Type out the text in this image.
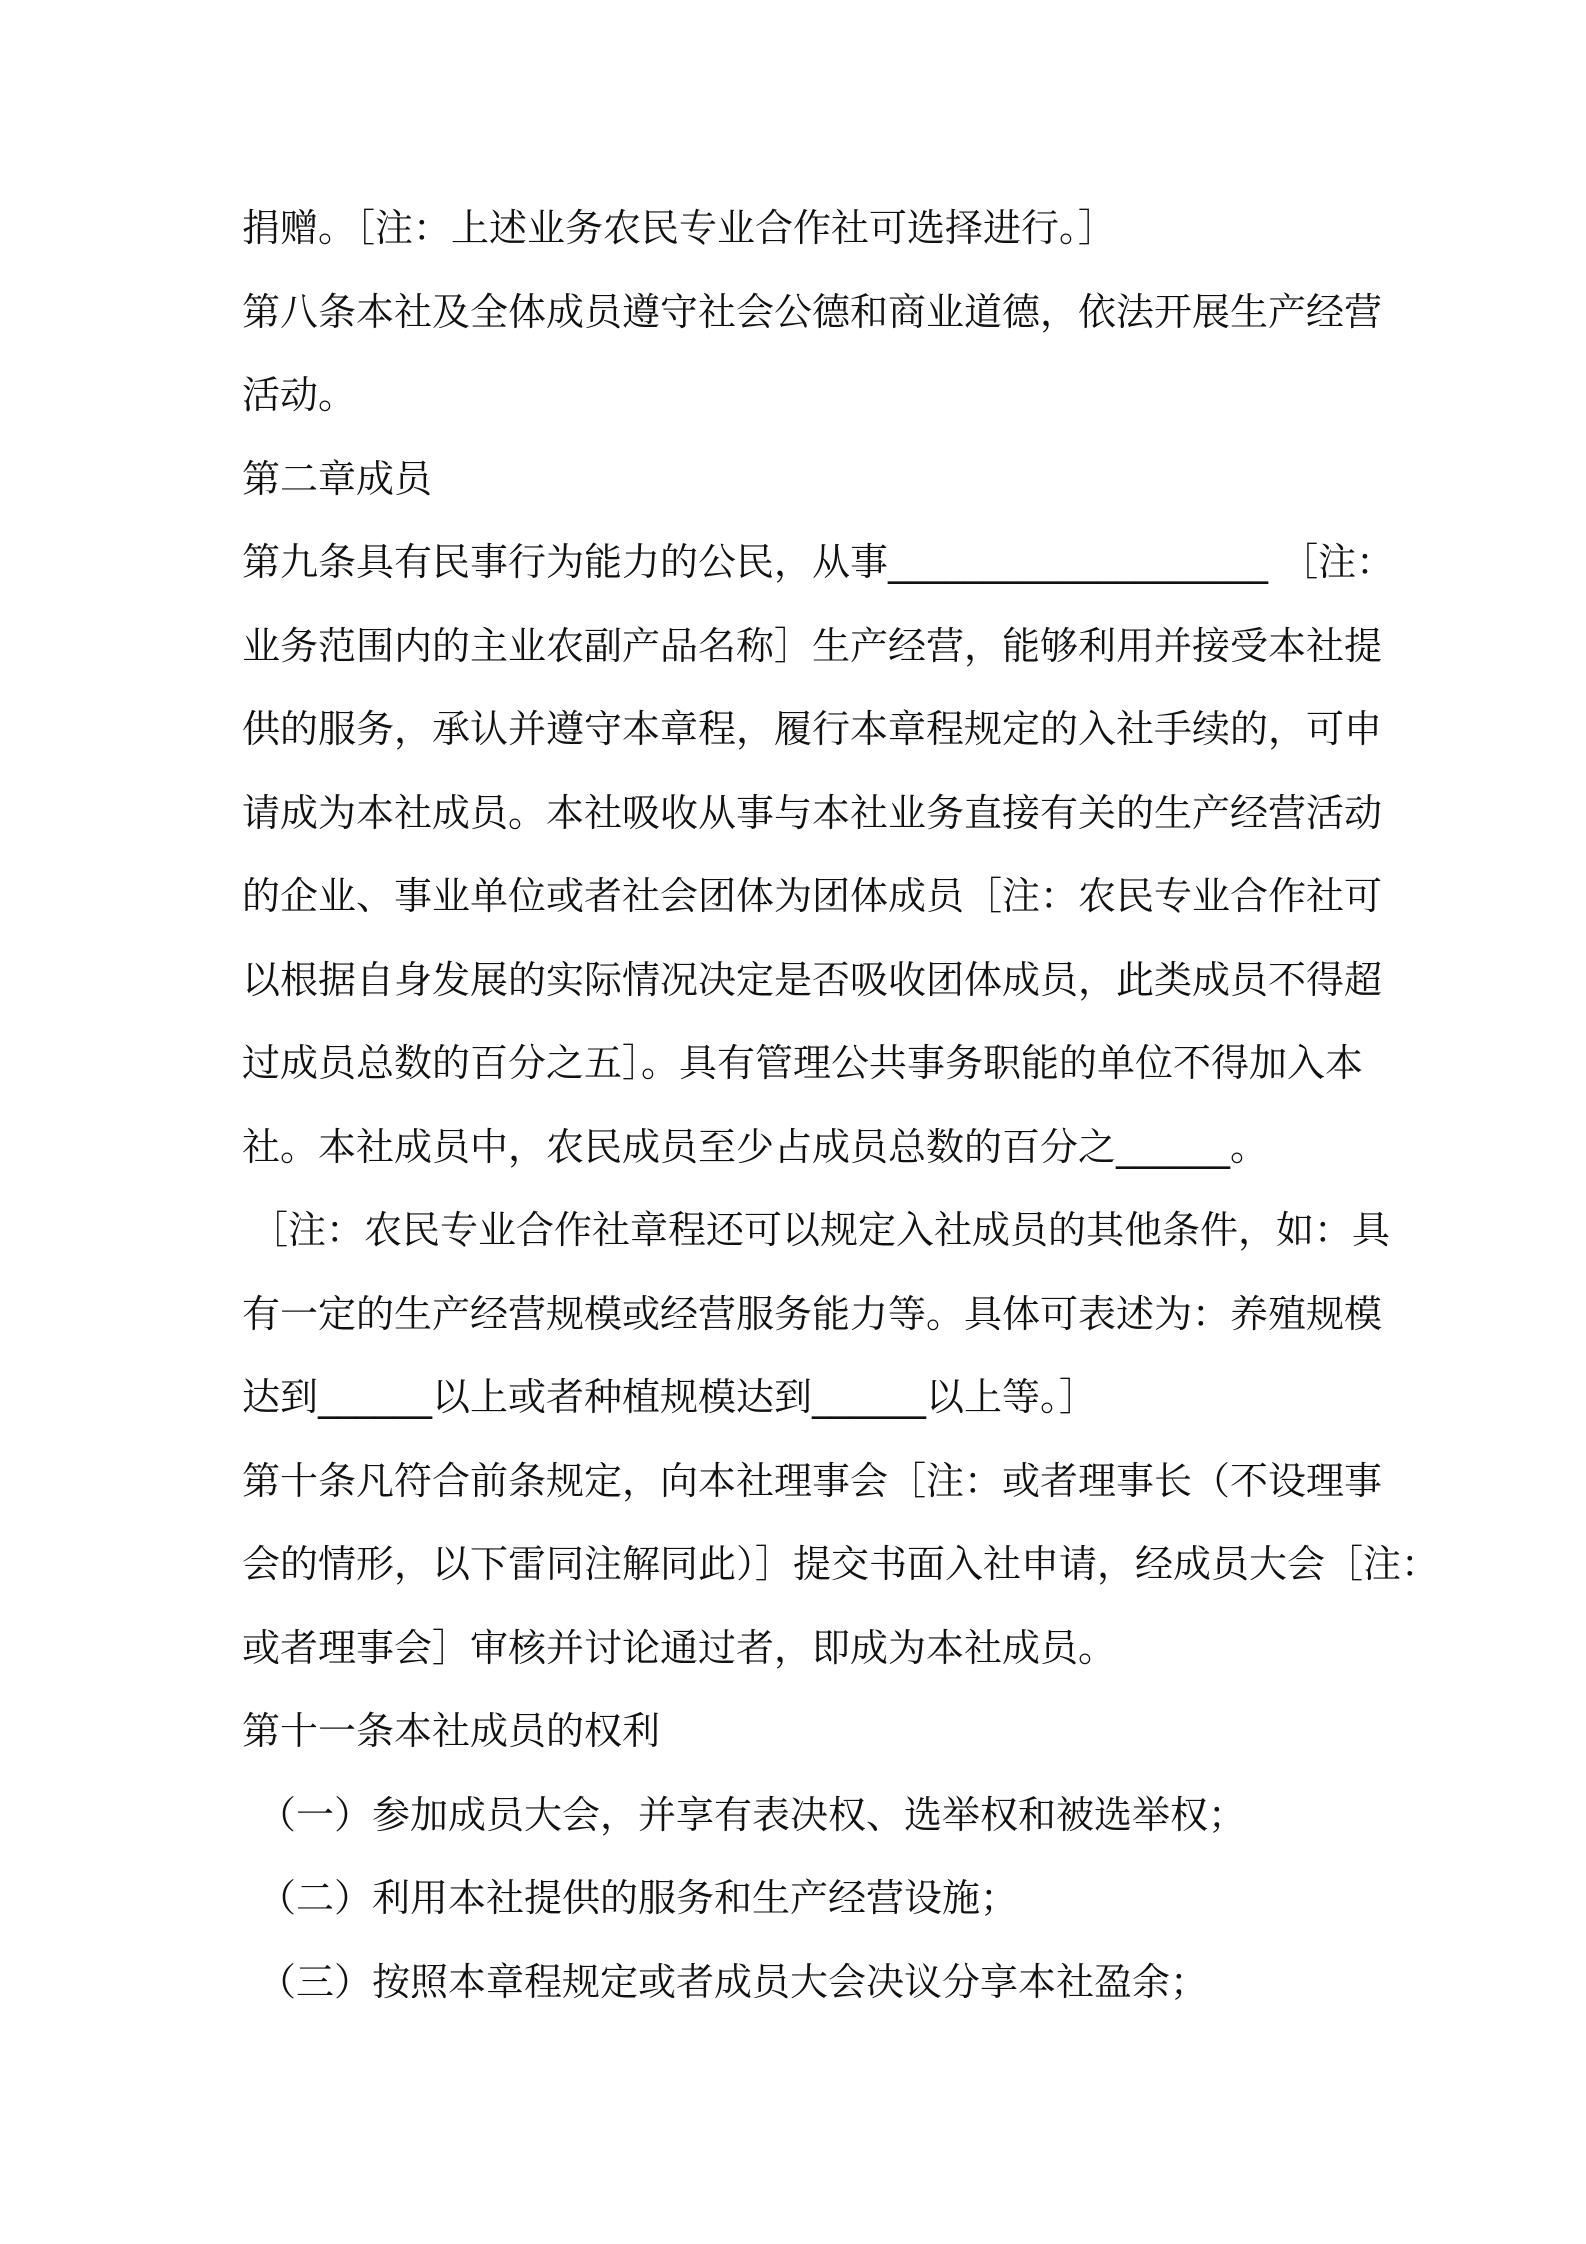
捐赠。［注：上述业务农民专业合作社可选择进行。］
第八条本社及全体成员遵守社会公德和商业道德，依法开展生产经营
活动。
第二章成员
第九条具有民事行为能力的公民，从事____________________ ［注：
业务范围内的主业农副产品名称］生产经营，能够利用并接受本社提
供的服务，承认并遵守本章程，履行本章程规定的入社手续的，可申
请成为本社成员。本社吸收从事与本社业务直接有关的生产经营活动
的企业、事业单位或者社会团体为团体成员［注：农民专业合作社可
以根据自身发展的实际情况决定是否吸收团体成员，此类成员不得超
过成员总数的百分之五］。具有管理公共事务职能的单位不得加入本
社。本社成员中，农民成员至少占成员总数的百分之______。
［注：农民专业合作社章程还可以规定入社成员的其他条件，如：具
有一定的生产经营规模或经营服务能力等。具体可表述为：养殖规模
达到______以上或者种植规模达到______以上等。］
第十条凡符合前条规定，向本社理事会［注：或者理事长（不设理事
会的情形，以下雷同注解同此）］提交书面入社申请，经成员大会［注：
或者理事会］审核并讨论通过者，即成为本社成员。
第十一条本社成员的权利
（一）参加成员大会，并享有表决权、选举权和被选举权；
（二）利用本社提供的服务和生产经营设施；
（三）按照本章程规定或者成员大会决议分享本社盈余；
